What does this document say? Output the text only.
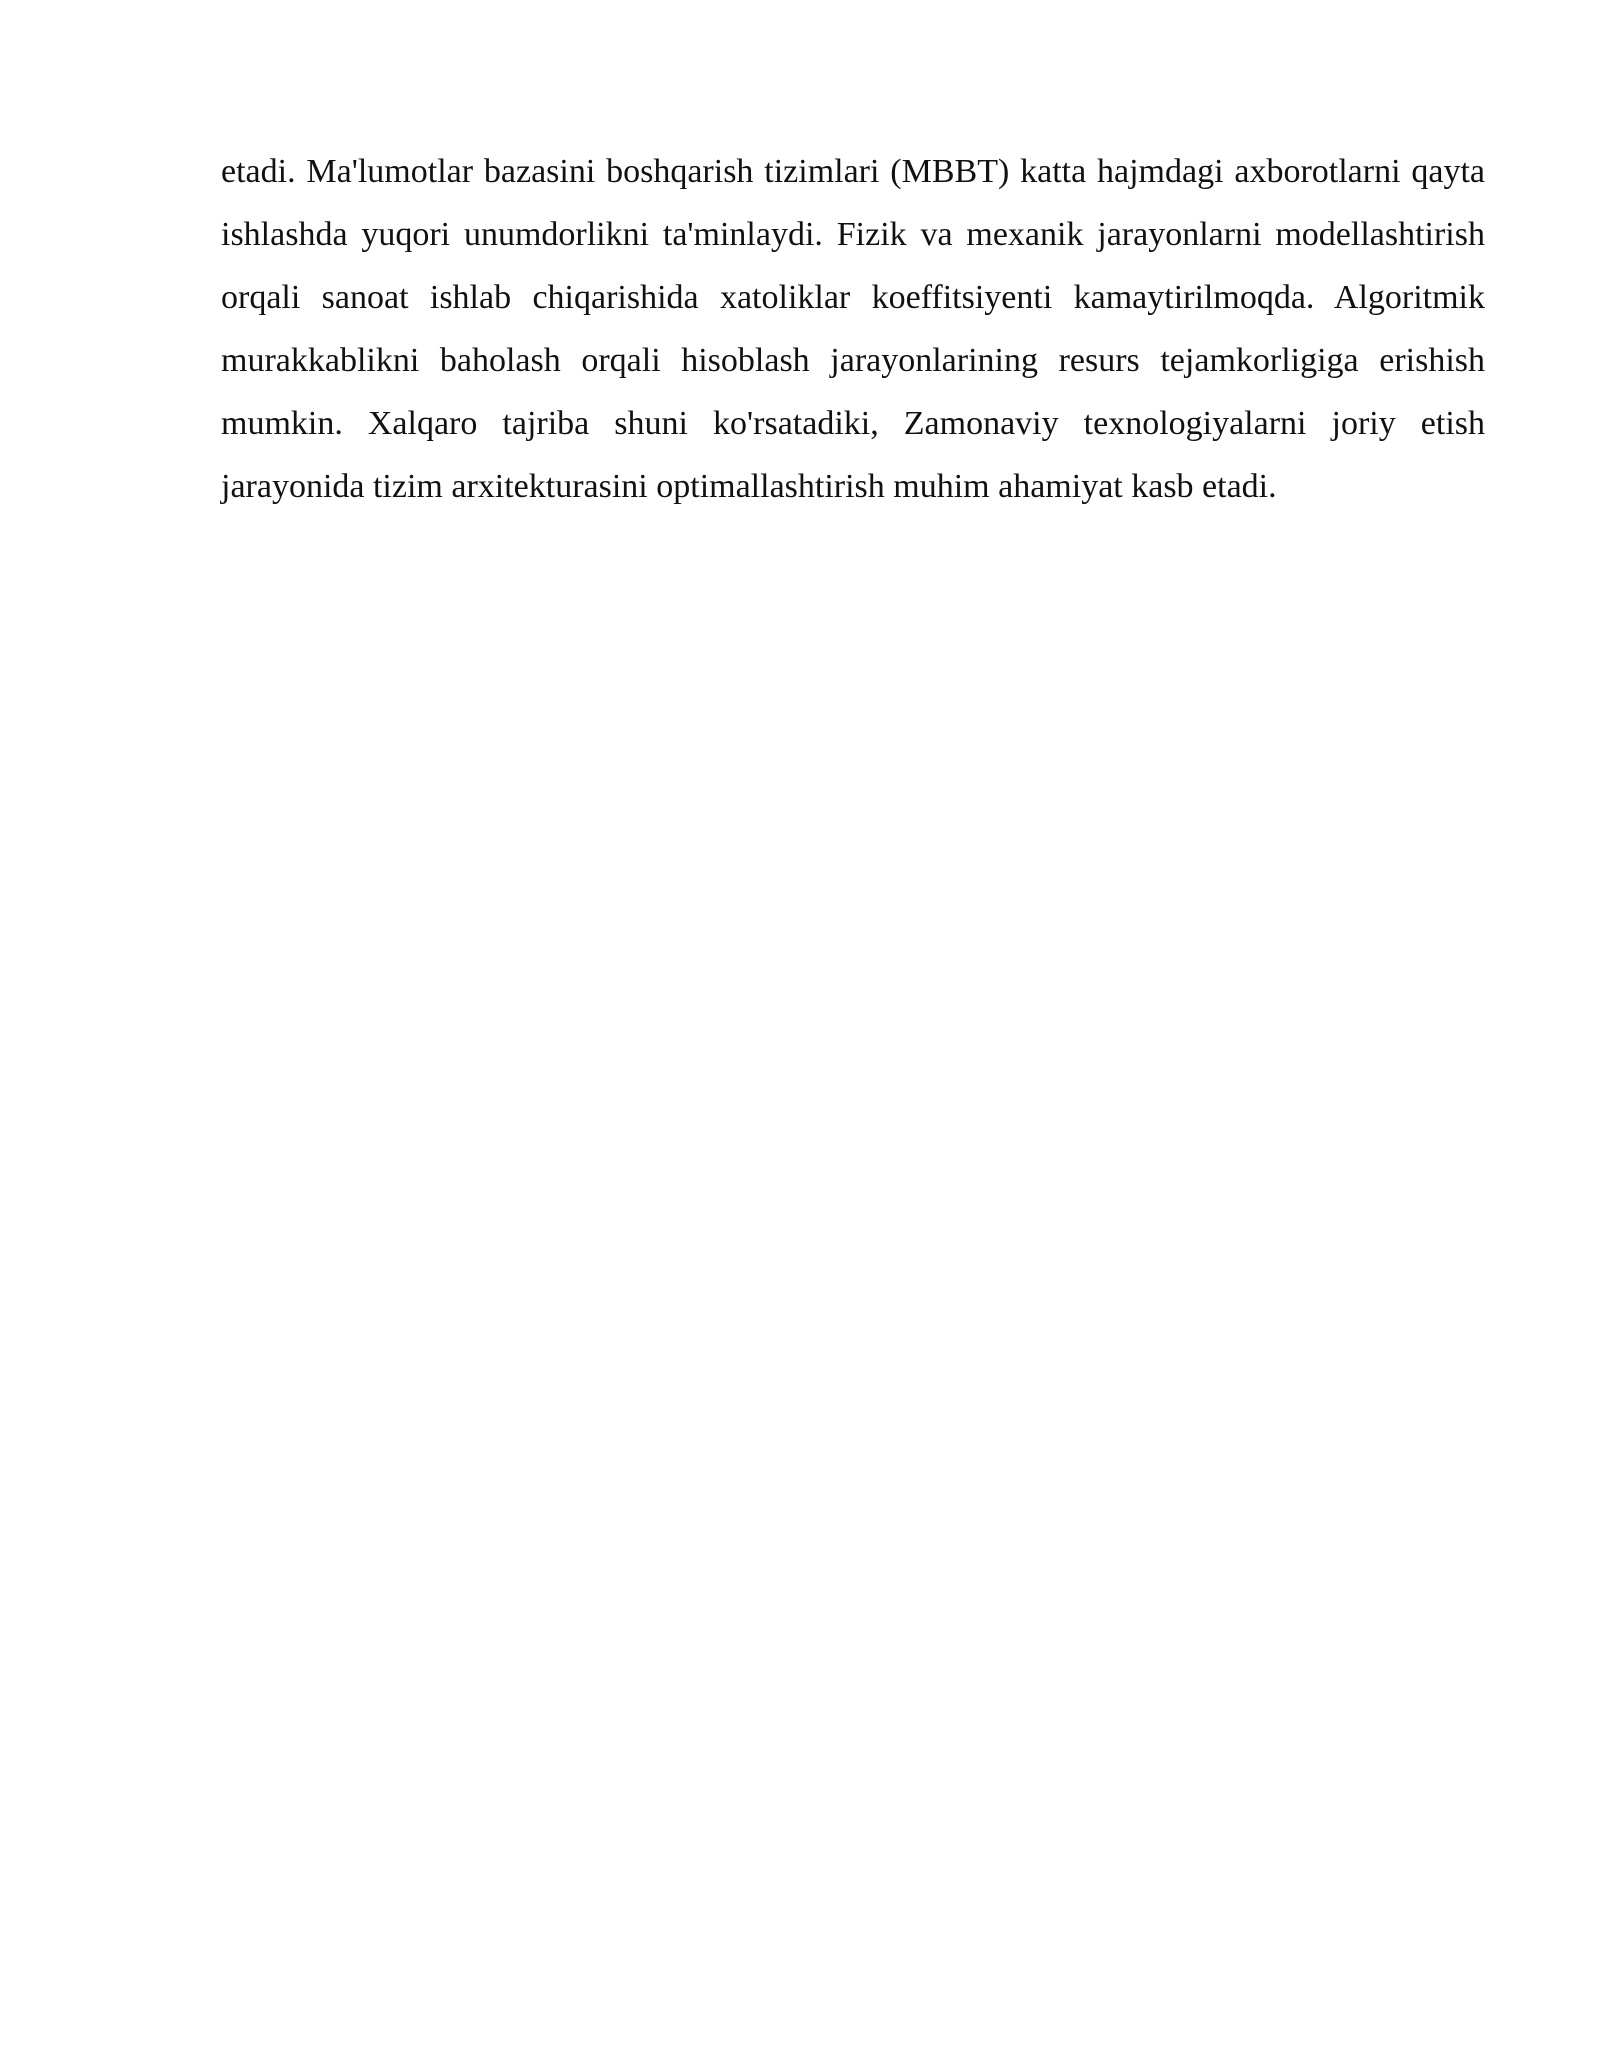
etadi. Ma'lumotlar bazasini boshqarish tizimlari (MBBT) katta hajmdagi axborotlarni qayta ishlashda yuqori unumdorlikni ta'minlaydi. Fizik va mexanik jarayonlarni modellashtirish orqali sanoat ishlab chiqarishida xatoliklar koeffitsiyenti kamaytirilmoqda. Algoritmik murakkablikni baholash orqali hisoblash jarayonlarining resurs tejamkorligiga erishish mumkin. Xalqaro tajriba shuni ko'rsatadiki, Zamonaviy texnologiyalarni joriy etish jarayonida tizim arxitekturasini optimallashtirish muhim ahamiyat kasb etadi.
